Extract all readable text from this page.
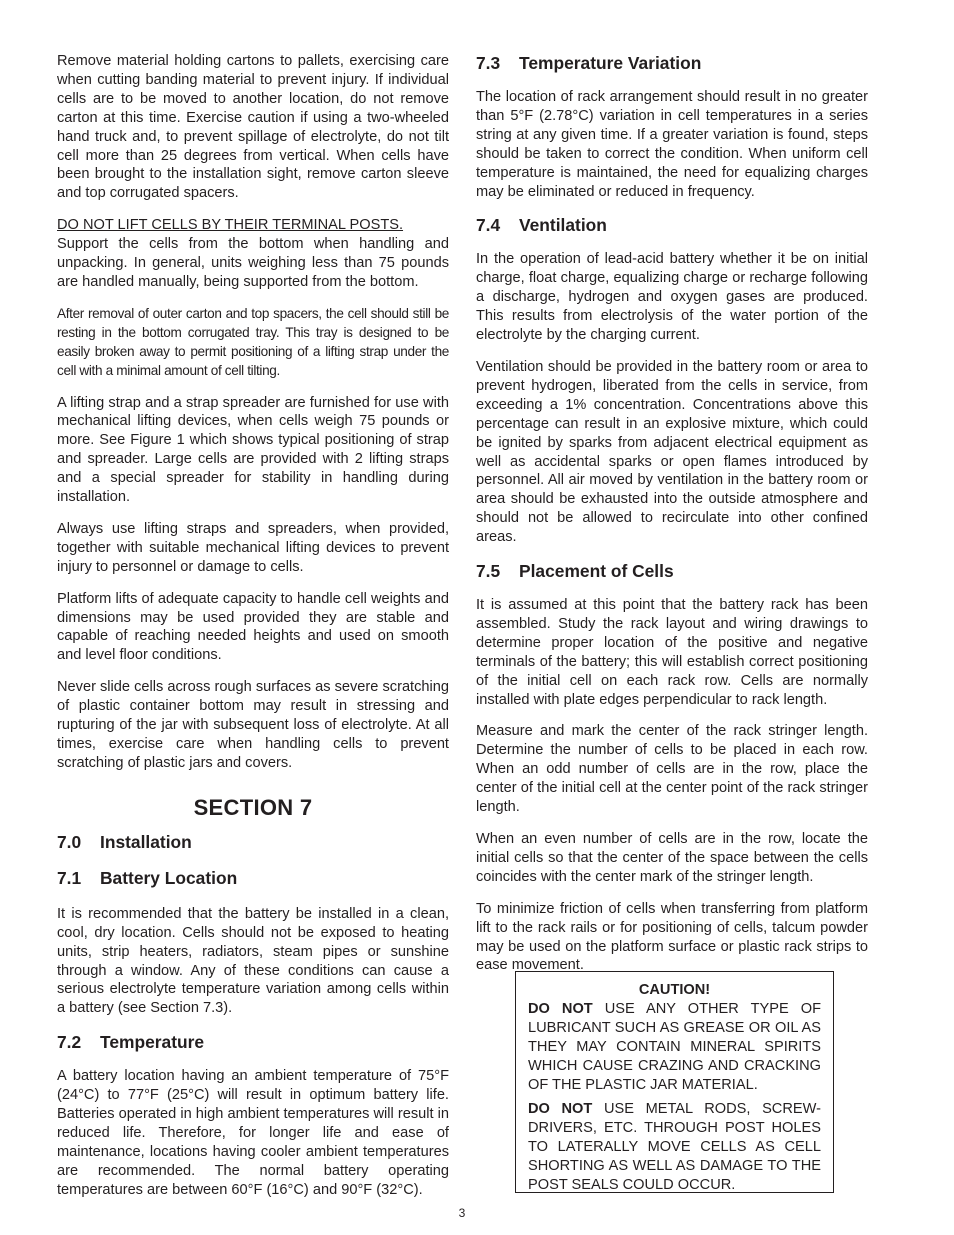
Remove material holding cartons to pallets, exercising care when cutting banding material to prevent injury. If individual cells are to be moved to another location, do not remove carton at this time. Exercise caution if using a two-wheeled hand truck and, to prevent spillage of electrolyte, do not tilt cell more than 25 degrees from vertical. When cells have been brought to the installation sight, remove carton sleeve and top corrugated spacers.

DO NOT LIFT CELLS BY THEIR TERMINAL POSTS.
Support the cells from the bottom when handling and unpacking. In general, units weighing less than 75 pounds are handled manually, being supported from the bottom.

After removal of outer carton and top spacers, the cell should still be resting in the bottom corrugated tray. This tray is designed to be easily broken away to permit positioning of a lifting strap under the cell with a minimal amount of cell tilting.

A lifting strap and a strap spreader are furnished for use with mechanical lifting devices, when cells weigh 75 pounds or more. See Figure 1 which shows typical positioning of strap and spreader. Large cells are provided with 2 lifting straps and a special spreader for stability in handling during installation.

Always use lifting straps and spreaders, when provided, together with suitable mechanical lifting devices to prevent injury to personnel or damage to cells.

Platform lifts of adequate capacity to handle cell weights and dimensions may be used provided they are stable and capable of reaching needed heights and used on smooth and level floor conditions.

Never slide cells across rough surfaces as severe scratching of plastic container bottom may result in stressing and rupturing of the jar with subsequent loss of electrolyte. At all times, exercise care when handling cells to prevent scratching of plastic jars and covers.

SECTION 7
7.0 Installation
7.1 Battery Location

It is recommended that the battery be installed in a clean, cool, dry location. Cells should not be exposed to heating units, strip heaters, radiators, steam pipes or sunshine through a window. Any of these conditions can cause a serious electrolyte temperature variation among cells within a battery (see Section 7.3).

7.2 Temperature

A battery location having an ambient temperature of 75°F (24°C) to 77°F (25°C) will result in optimum battery life. Batteries operated in high ambient temperatures will result in reduced life. Therefore, for longer life and ease of maintenance, locations having cooler ambient temperatures are recommended. The normal battery operating temperatures are between 60°F (16°C) and 90°F (32°C).

7.3 Temperature Variation

The location of rack arrangement should result in no greater than 5°F (2.78°C) variation in cell temperatures in a series string at any given time. If a greater variation is found, steps should be taken to correct the condition. When uniform cell temperature is maintained, the need for equalizing charges may be eliminated or reduced in frequency.

7.4 Ventilation

In the operation of lead-acid battery whether it be on initial charge, float charge, equalizing charge or recharge following a discharge, hydrogen and oxygen gases are produced. This results from electrolysis of the water portion of the electrolyte by the charging current.

Ventilation should be provided in the battery room or area to prevent hydrogen, liberated from the cells in service, from exceeding a 1% concentration. Concentrations above this percentage can result in an explosive mixture, which could be ignited by sparks from adjacent electrical equipment as well as accidental sparks or open flames introduced by personnel. All air moved by ventilation in the battery room or area should be exhausted into the outside atmosphere and should not be allowed to recirculate into other confined areas.

7.5 Placement of Cells

It is assumed at this point that the battery rack has been assembled. Study the rack layout and wiring drawings to determine proper location of the positive and negative terminals of the battery; this will establish correct positioning of the initial cell on each rack row. Cells are normally installed with plate edges perpendicular to rack length.

Measure and mark the center of the rack stringer length. Determine the number of cells to be placed in each row. When an odd number of cells are in the row, place the center of the initial cell at the center point of the rack stringer length.

When an even number of cells are in the row, locate the initial cells so that the center of the space between the cells coincides with the center mark of the stringer length.

To minimize friction of cells when transferring from platform lift to the rack rails or for positioning of cells, talcum powder may be used on the platform surface or plastic rack strips to ease movement.

CAUTION!

DO NOT USE ANY OTHER TYPE OF LUBRICANT SUCH AS GREASE OR OIL AS THEY MAY CONTAIN MINERAL SPIRITS WHICH CAUSE CRAZING AND CRACKING OF THE PLASTIC JAR MATERIAL.

DO NOT USE METAL RODS, SCREW-DRIVERS, ETC. THROUGH POST HOLES TO LATERALLY MOVE CELLS AS CELL SHORTING AS WELL AS DAMAGE TO THE POST SEALS COULD OCCUR.

3
